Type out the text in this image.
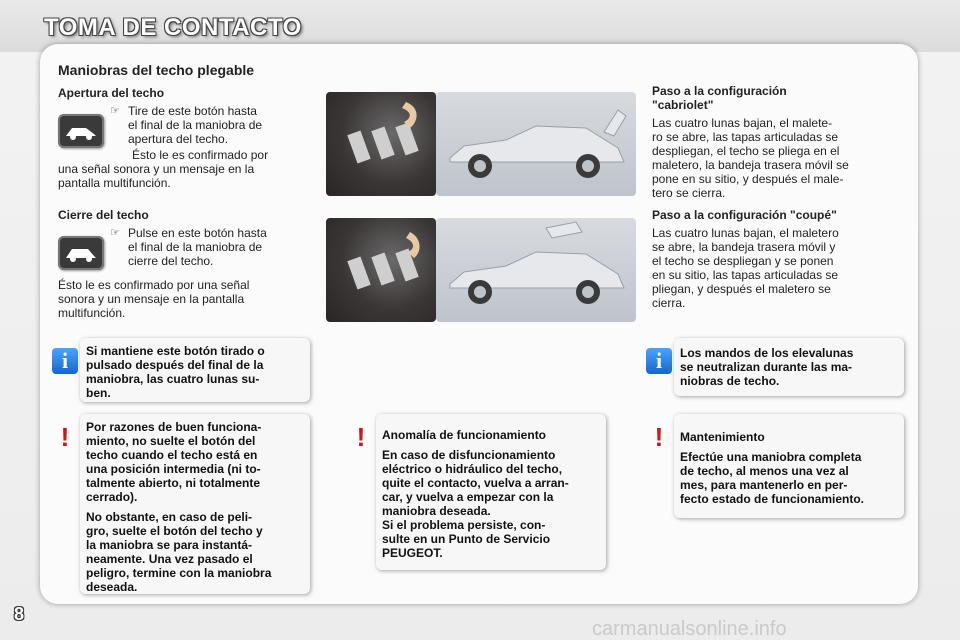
TOMA DE CONTACTO
Maniobras del techo plegable
Apertura del techo
☞ Tire de este botón hasta
el final de la maniobra de
apertura del techo.
Ésto le es confirmado por
una señal sonora y un mensaje en la
pantalla multifunción.
Cierre del techo
☞ Pulse en este botón hasta
el final de la maniobra de
cierre del techo.
Ésto le es confirmado por una señal
sonora y un mensaje en la pantalla
multifunción.
Paso a la configuración
"cabriolet"
Las cuatro lunas bajan, el malete-
ro se abre, las tapas articuladas se
despliegan, el techo se pliega en el
maletero, la bandeja trasera móvil se
pone en su sitio, y después el male-
tero se cierra.
Paso a la configuración "coupé"
Las cuatro lunas bajan, el maletero
se abre, la bandeja trasera móvil y
el techo se despliegan y se ponen
en su sitio, las tapas articuladas se
pliegan, y después el maletero se
cierra.
i	Si mantiene este botón tirado o
pulsado después del final de la
maniobra, las cuatro lunas su-
ben.
i	Los mandos de los elevalunas
se neutralizan durante las ma-
niobras de techo.
!	Por razones de buen funciona-
miento, no suelte el botón del
techo cuando el techo está en
una posición intermedia (ni to-
talmente abierto, ni totalmente
cerrado).
No obstante, en caso de peli-
gro, suelte el botón del techo y
la maniobra se para instantá-
neamente. Una vez pasado el
peligro, termine con la maniobra
deseada.
!	Anomalía de funcionamiento
En caso de disfuncionamiento
eléctrico o hidráulico del techo,
quite el contacto, vuelva a arran-
car, y vuelva a empezar con la
maniobra deseada.
Si el problema persiste, con-
sulte en un Punto de Servicio
PEUGEOT.
!	Mantenimiento
Efectúe una maniobra completa
de techo, al menos una vez al
mes, para mantenerlo en per-
fecto estado de funcionamiento.
8
carmanualsonline.info
